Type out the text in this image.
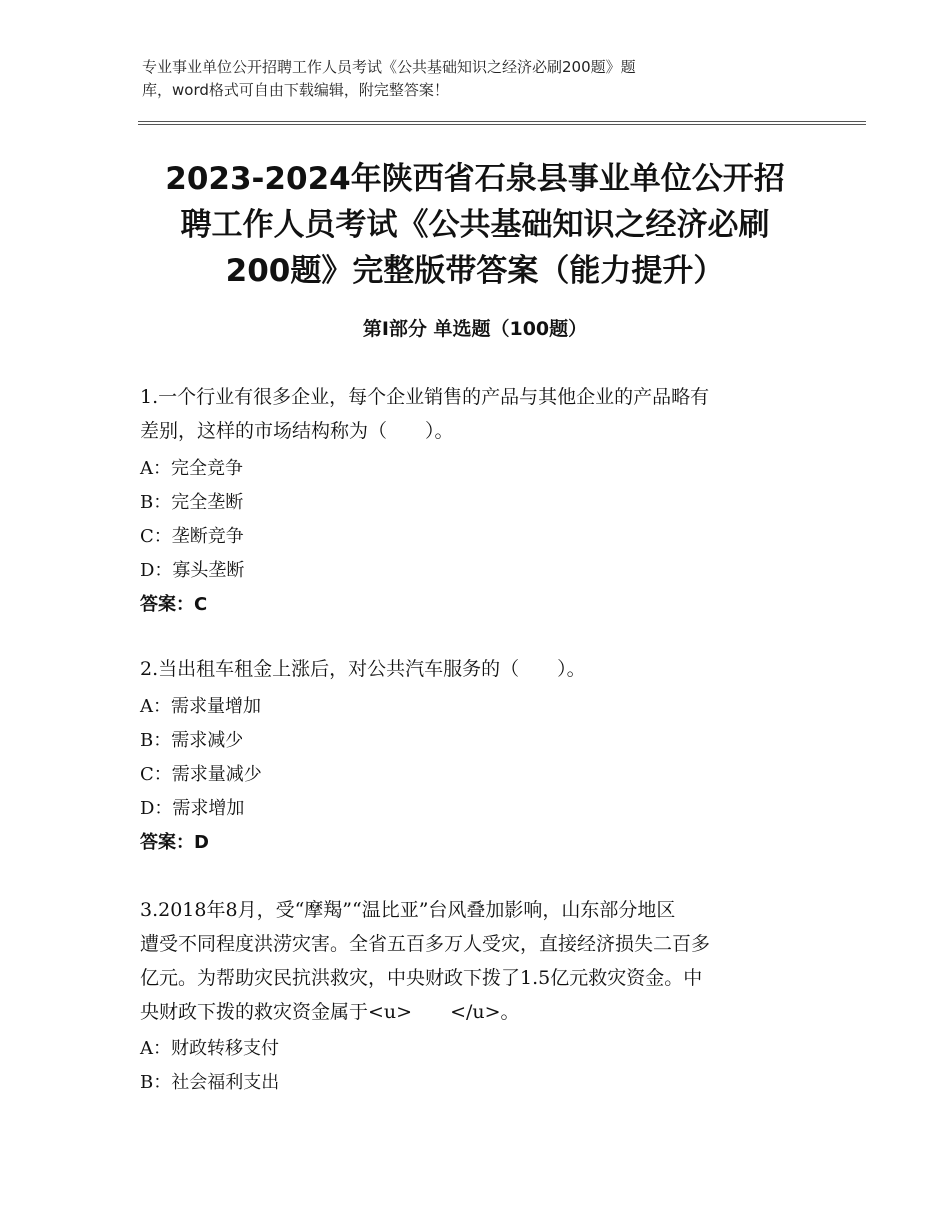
专业事业单位公开招聘工作人员考试《公共基础知识之经济必刷200题》题
库，word格式可自由下载编辑，附完整答案！
2023-2024年陕西省石泉县事业单位公开招
聘工作人员考试《公共基础知识之经济必刷
200题》完整版带答案（能力提升）
第Ⅰ部分 单选题（100题）
1.一个行业有很多企业，每个企业销售的产品与其他企业的产品略有
差别，这样的市场结构称为（　　）。
A：完全竞争
B：完全垄断
C：垄断竞争
D：寡头垄断
答案：C
2.当出租车租金上涨后，对公共汽车服务的（　　）。
A：需求量增加
B：需求减少
C：需求量减少
D：需求增加
答案：D
3.2018年8月，受“摩羯”“温比亚”台风叠加影响，山东部分地区
遭受不同程度洪涝灾害。全省五百多万人受灾，直接经济损失二百多
亿元。为帮助灾民抗洪救灾，中央财政下拨了1.5亿元救灾资金。中
央财政下拨的救灾资金属于<u>　　</u>。
A：财政转移支付
B：社会福利支出
